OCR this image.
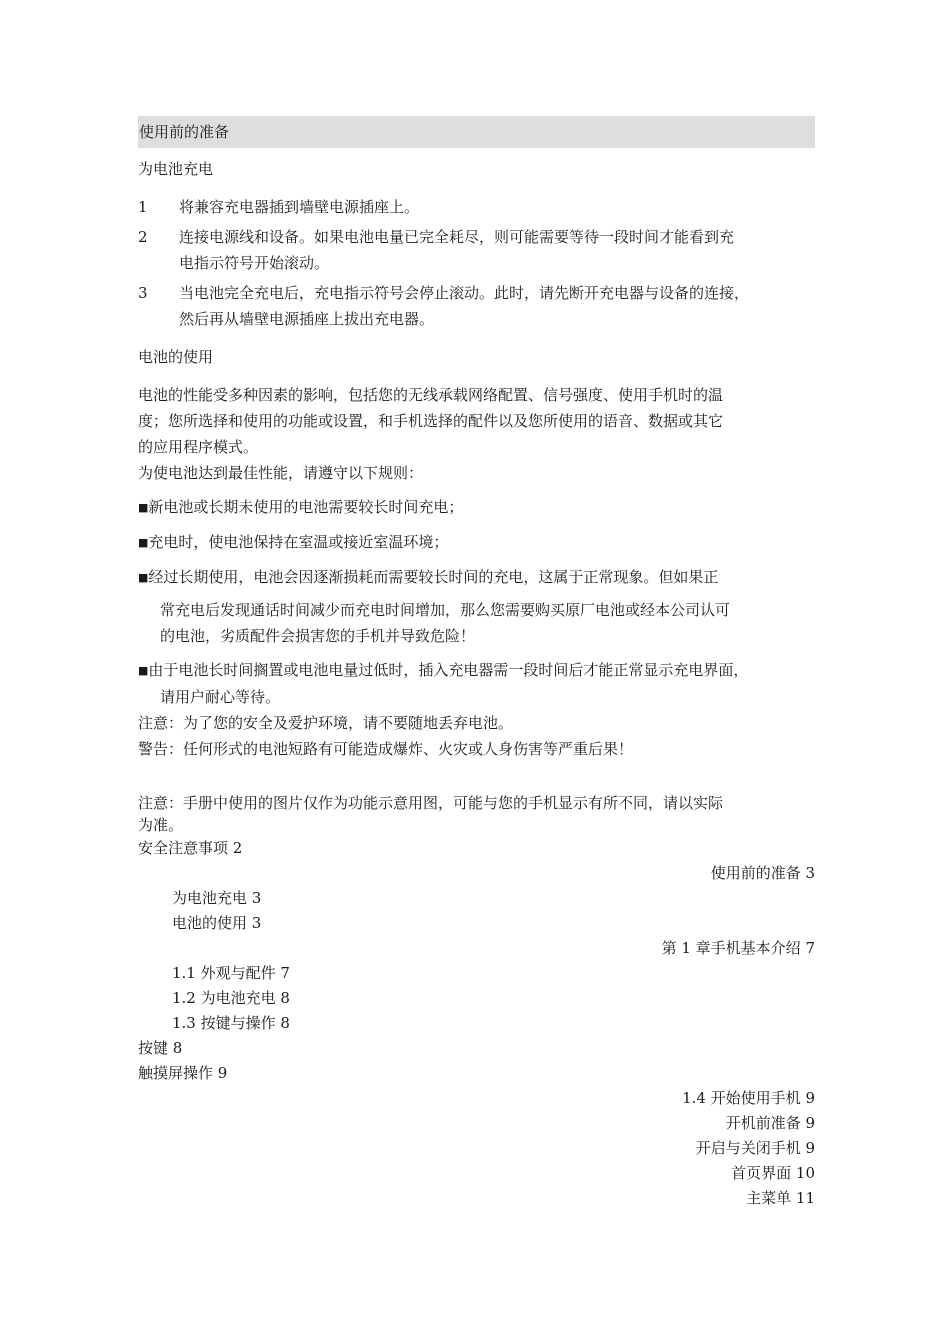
使用前的准备
为电池充电
1	将兼容充电器插到墙壁电源插座上。
2	连接电源线和设备。如果电池电量已完全耗尽，则可能需要等待一段时间才能看到充
电指示符号开始滚动。
3	当电池完全充电后，充电指示符号会停止滚动。此时，请先断开充电器与设备的连接，
然后再从墙壁电源插座上拔出充电器。
电池的使用
电池的性能受多种因素的影响，包括您的无线承载网络配置、信号强度、使用手机时的温
度；您所选择和使用的功能或设置，和手机选择的配件以及您所使用的语音、数据或其它
的应用程序模式。
为使电池达到最佳性能，请遵守以下规则：
■新电池或长期未使用的电池需要较长时间充电；
■充电时，使电池保持在室温或接近室温环境；
■经过长期使用，电池会因逐渐损耗而需要较长时间的充电，这属于正常现象。但如果正
常充电后发现通话时间减少而充电时间增加，那么您需要购买原厂电池或经本公司认可
的电池，劣质配件会损害您的手机并导致危险！
■由于电池长时间搁置或电池电量过低时，插入充电器需一段时间后才能正常显示充电界面，
请用户耐心等待。
注意：为了您的安全及爱护环境，请不要随地丢弃电池。
警告：任何形式的电池短路有可能造成爆炸、火灾或人身伤害等严重后果！
注意：手册中使用的图片仅作为功能示意用图，可能与您的手机显示有所不同，请以实际
为准。
安全注意事项 2
使用前的准备 3
为电池充电 3
电池的使用 3
第 1 章手机基本介绍 7
1.1 外观与配件 7
1.2 为电池充电 8
1.3 按键与操作 8
按键 8
触摸屏操作 9
1.4 开始使用手机 9
开机前准备 9
开启与关闭手机 9
首页界面 10
主菜单 11
